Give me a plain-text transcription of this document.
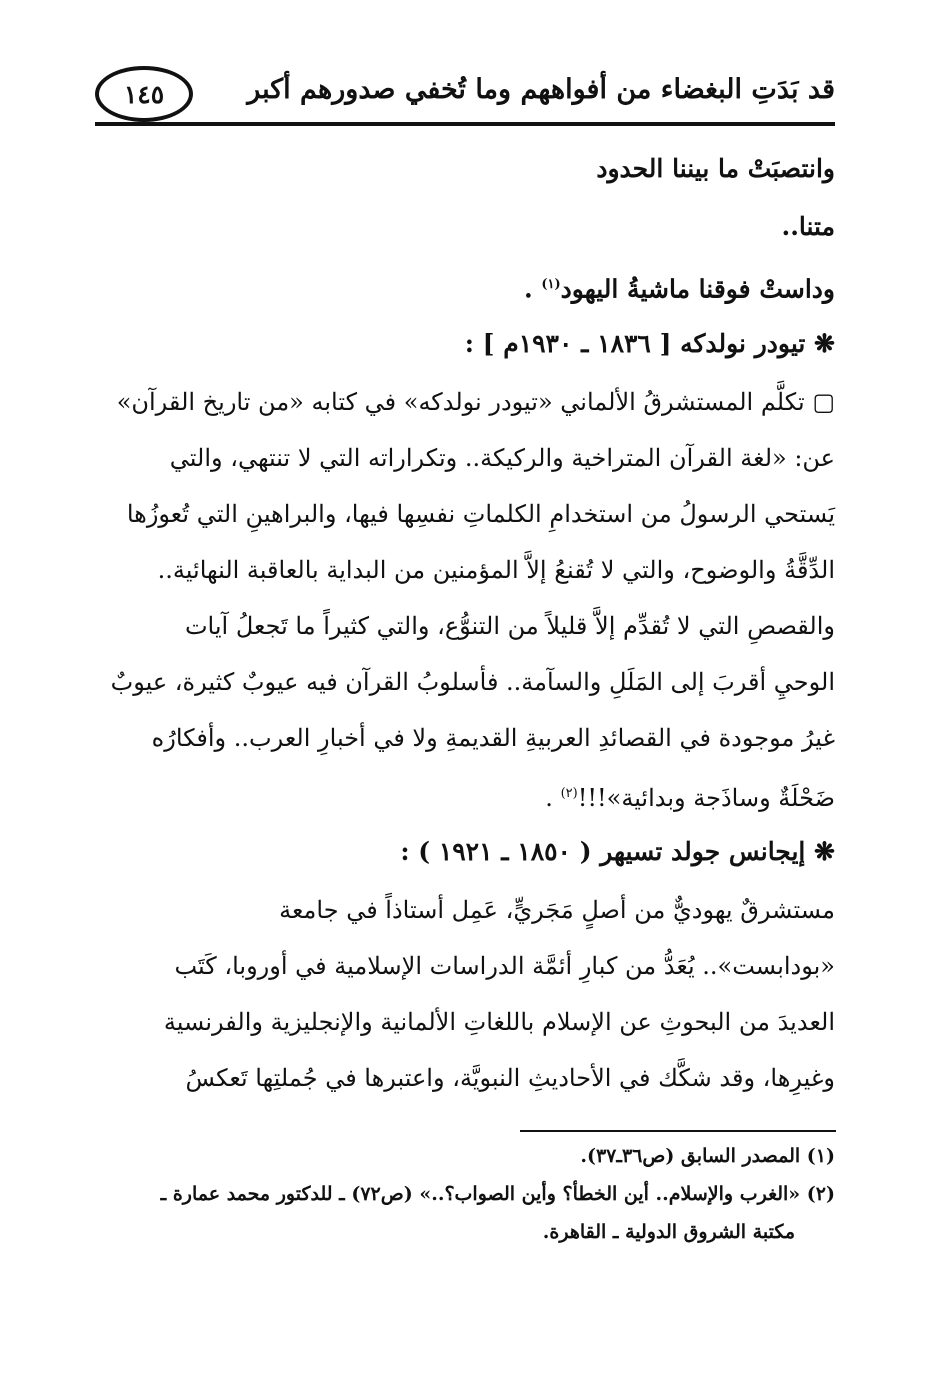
قد بَدَتِ البغضاء من أفواههم وما تُخفي صدورهم أكبر
١٤٥
وانتصبَتْ ما بيننا الحدود
متنا..
وداستْ فوقنا ماشيةُ اليهود$^{(١)}$ .
❋ تيودر نولدكه [ ١٨٣٦ ـ ١٩٣٠م ] :
▢ تكلَّم المستشرقُ الألماني «تيودر نولدكه» في كتابه «من تاريخ القرآن»
عن: «لغة القرآن المتراخية والركيكة.. وتكراراته التي لا تنتهي، والتي
يَستحي الرسولُ من استخدامِ الكلماتِ نفسِها فيها، والبراهينِ التي تُعوزُها
الدِّقَّةُ والوضوح، والتي لا تُقنعُ إلاَّ المؤمنين من البداية بالعاقبة النهائية..
والقصصِ التي لا تُقدِّم إلاَّ قليلاً من التنوُّع، والتي كثيراً ما تَجعلُ آيات
الوحيِ أقربَ إلى المَلَلِ والسآمة.. فأسلوبُ القرآن فيه عيوبٌ كثيرة، عيوبٌ
غيرُ موجودة في القصائدِ العربيةِ القديمةِ ولا في أخبارِ العرب.. وأفكارُه
ضَحْلَةٌ وساذَجة وبدائية»!!!$^{(٢)}$ .
❋ إيجانس جولد تسيهر ( ١٨٥٠ ـ ١٩٢١ ) :
مستشرقٌ يهوديٌّ من أصلٍ مَجَريٍّ، عَمِل أستاذاً في جامعة
«بودابست».. يُعَدُّ من كبارِ أئمَّة الدراسات الإسلامية في أوروبا، كَتَب
العديدَ من البحوثِ عن الإسلام باللغاتِ الألمانية والإنجليزية والفرنسية
وغيرِها، وقد شكَّك في الأحاديثِ النبويَّة، واعتبرها في جُملتِها تَعكسُ
(١) المصدر السابق (ص٣٦ـ٣٧).
(٢) «الغرب والإسلام.. أين الخطأ؟ وأين الصواب؟..» (ص٧٢) ـ للدكتور محمد عمارة ـ
مكتبة الشروق الدولية ـ القاهرة.
